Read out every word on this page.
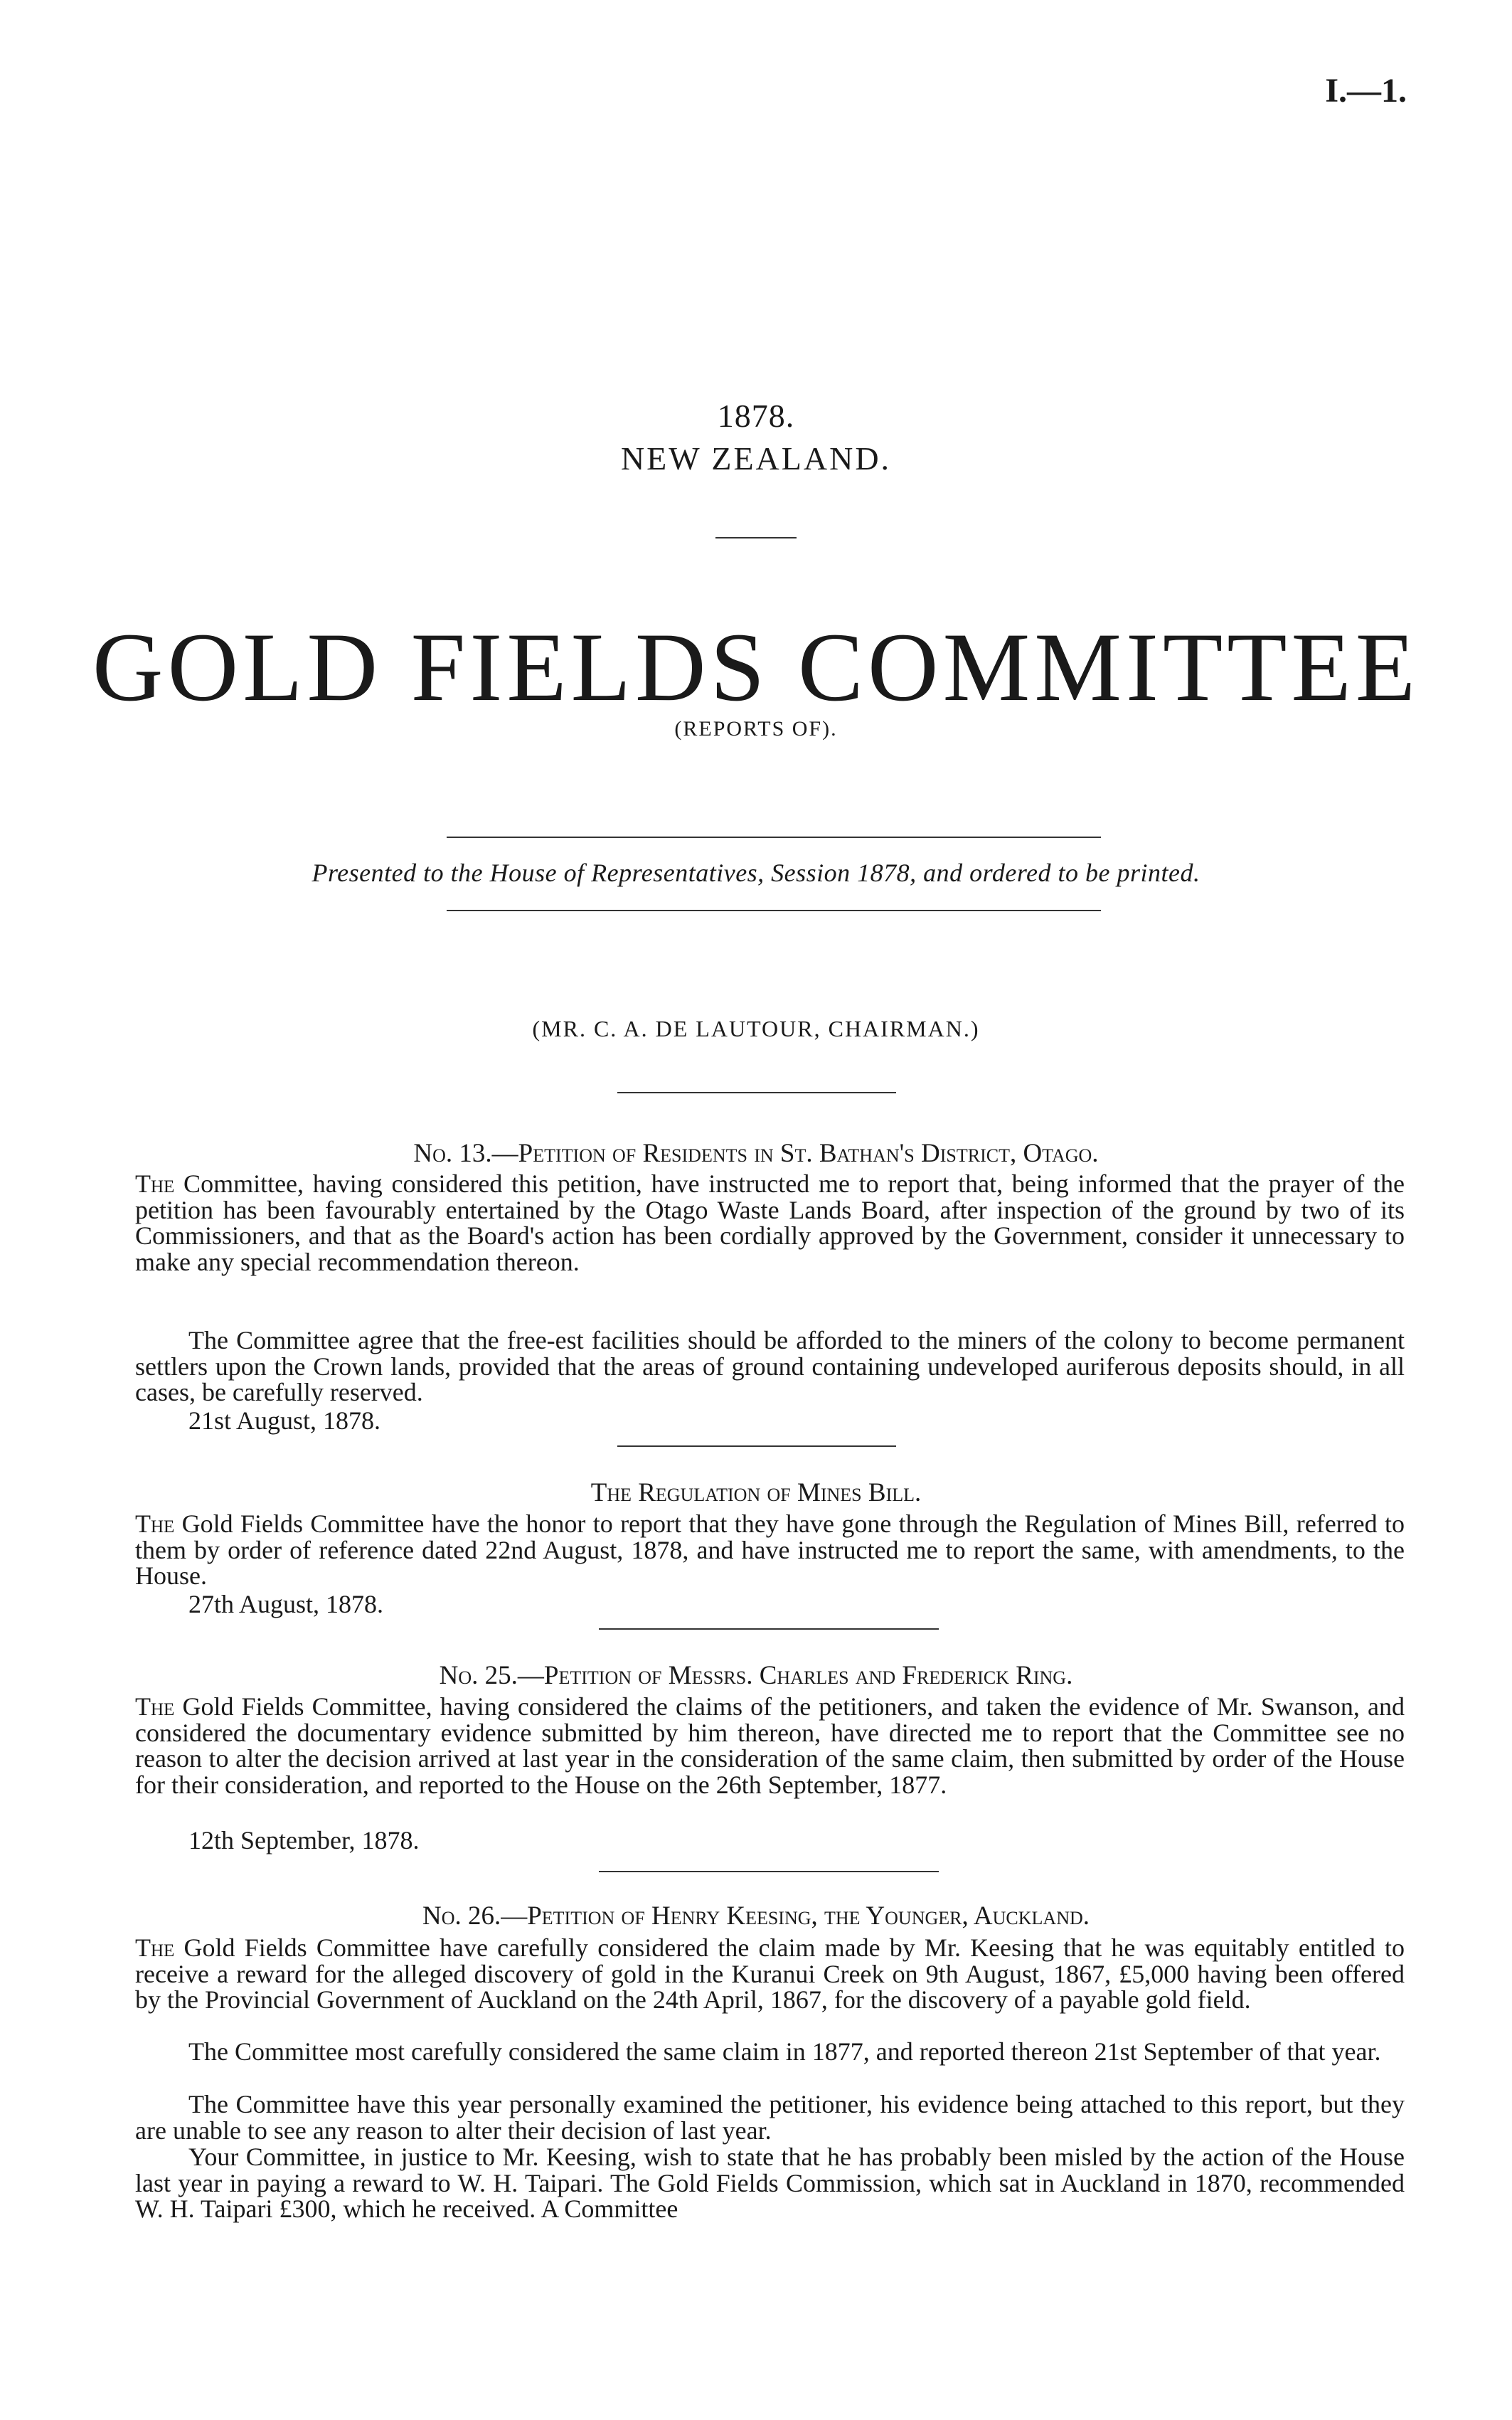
I.—1.
1878.
NEW ZEALAND.
GOLD FIELDS COMMITTEE
(REPORTS OF).
Presented to the House of Representatives, Session 1878, and ordered to be printed.
(MR. C. A. DE LAUTOUR, CHAIRMAN.)
No. 13.—Petition of Residents in St. Bathan's District, Otago.

The Committee, having considered this petition, have instructed me to report that, being informed that the prayer of the petition has been favourably entertained by the Otago Waste Lands Board, after inspection of the ground by two of its Commissioners, and that as the Board's action has been cordially approved by the Government, consider it unnecessary to make any special recommendation thereon.

The Committee agree that the free-est facilities should be afforded to the miners of the colony to become permanent settlers upon the Crown lands, provided that the areas of ground containing undeveloped auriferous deposits should, in all cases, be carefully reserved.

21st August, 1878.
The Regulation of Mines Bill.

The Gold Fields Committee have the honor to report that they have gone through the Regulation of Mines Bill, referred to them by order of reference dated 22nd August, 1878, and have instructed me to report the same, with amendments, to the House.

27th August, 1878.
No. 25.—Petition of Messrs. Charles and Frederick Ring.

The Gold Fields Committee, having considered the claims of the petitioners, and taken the evidence of Mr. Swanson, and considered the documentary evidence submitted by him thereon, have directed me to report that the Committee see no reason to alter the decision arrived at last year in the consideration of the same claim, then submitted by order of the House for their consideration, and reported to the House on the 26th September, 1877.

12th September, 1878.
No. 26.—Petition of Henry Keesing, the Younger, Auckland.

The Gold Fields Committee have carefully considered the claim made by Mr. Keesing that he was equitably entitled to receive a reward for the alleged discovery of gold in the Kuranui Creek on 9th August, 1867, £5,000 having been offered by the Provincial Government of Auckland on the 24th April, 1867, for the discovery of a payable gold field.

The Committee most carefully considered the same claim in 1877, and reported thereon 21st September of that year.

The Committee have this year personally examined the petitioner, his evidence being attached to this report, but they are unable to see any reason to alter their decision of last year.

Your Committee, in justice to Mr. Keesing, wish to state that he has probably been misled by the action of the House last year in paying a reward to W. H. Taipari. The Gold Fields Commission, which sat in Auckland in 1870, recommended W. H. Taipari £300, which he received. A Committee
